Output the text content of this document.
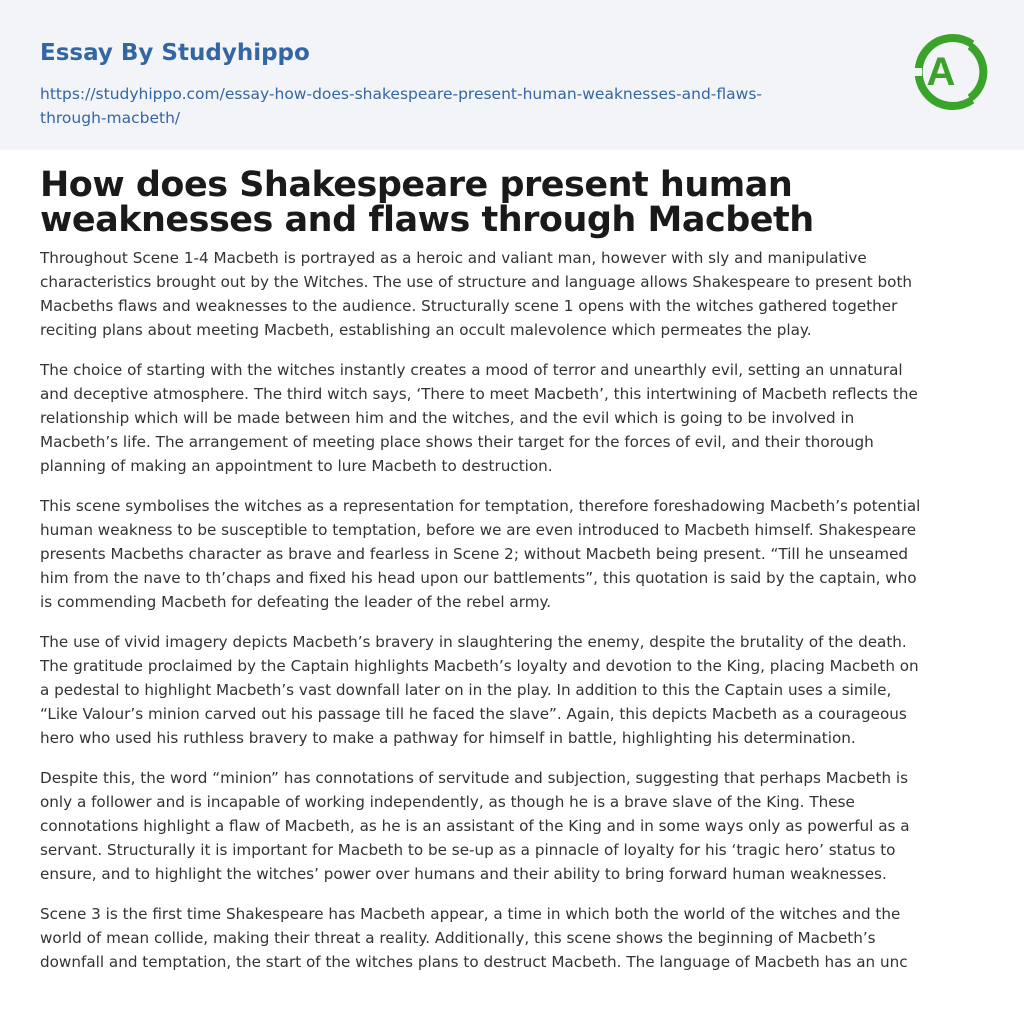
Essay By Studyhippo
https://studyhippo.com/essay-how-does-shakespeare-present-human-weaknesses-and-flaws-
through-macbeth/
A
How does Shakespeare present human
weaknesses and flaws through Macbeth

Throughout Scene 1-4 Macbeth is portrayed as a heroic and valiant man, however with sly and manipulative
characteristics brought out by the Witches. The use of structure and language allows Shakespeare to present both
Macbeths flaws and weaknesses to the audience. Structurally scene 1 opens with the witches gathered together
reciting plans about meeting Macbeth, establishing an occult malevolence which permeates the play.

The choice of starting with the witches instantly creates a mood of terror and unearthly evil, setting an unnatural
and deceptive atmosphere. The third witch says, ‘There to meet Macbeth’, this intertwining of Macbeth reflects the
relationship which will be made between him and the witches, and the evil which is going to be involved in
Macbeth’s life. The arrangement of meeting place shows their target for the forces of evil, and their thorough
planning of making an appointment to lure Macbeth to destruction.

This scene symbolises the witches as a representation for temptation, therefore foreshadowing Macbeth’s potential
human weakness to be susceptible to temptation, before we are even introduced to Macbeth himself. Shakespeare
presents Macbeths character as brave and fearless in Scene 2; without Macbeth being present. “Till he unseamed
him from the nave to th’chaps and fixed his head upon our battlements”, this quotation is said by the captain, who
is commending Macbeth for defeating the leader of the rebel army.

The use of vivid imagery depicts Macbeth’s bravery in slaughtering the enemy, despite the brutality of the death.
The gratitude proclaimed by the Captain highlights Macbeth’s loyalty and devotion to the King, placing Macbeth on
a pedestal to highlight Macbeth’s vast downfall later on in the play. In addition to this the Captain uses a simile,
“Like Valour’s minion carved out his passage till he faced the slave”. Again, this depicts Macbeth as a courageous
hero who used his ruthless bravery to make a pathway for himself in battle, highlighting his determination.

Despite this, the word “minion” has connotations of servitude and subjection, suggesting that perhaps Macbeth is
only a follower and is incapable of working independently, as though he is a brave slave of the King. These
connotations highlight a flaw of Macbeth, as he is an assistant of the King and in some ways only as powerful as a
servant. Structurally it is important for Macbeth to be se-up as a pinnacle of loyalty for his ‘tragic hero’ status to
ensure, and to highlight the witches’ power over humans and their ability to bring forward human weaknesses.

Scene 3 is the first time Shakespeare has Macbeth appear, a time in which both the world of the witches and the
world of mean collide, making their threat a reality. Additionally, this scene shows the beginning of Macbeth’s
downfall and temptation, the start of the witches plans to destruct Macbeth. The language of Macbeth has an unc
